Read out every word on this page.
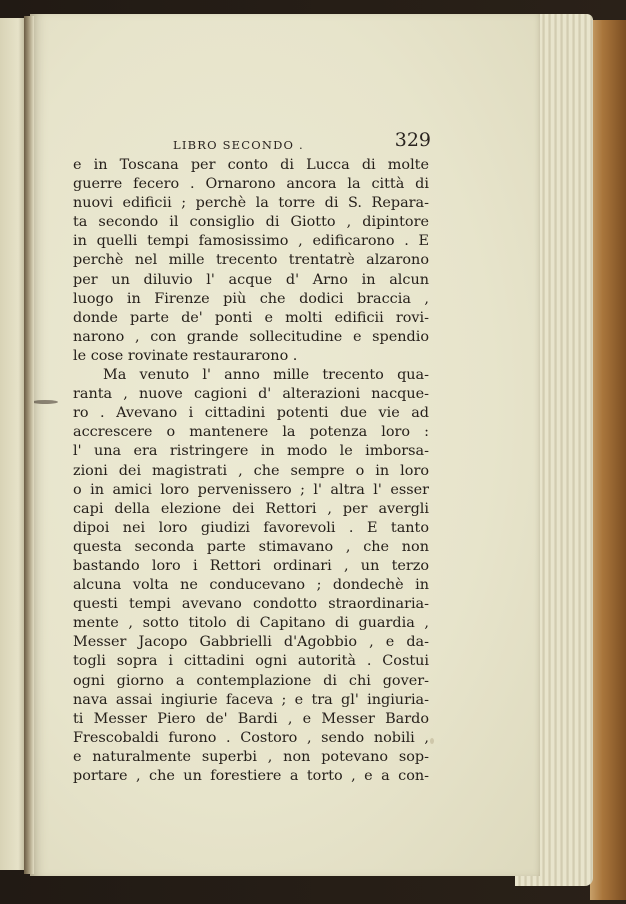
LIBRO SECONDO .	329
e in Toscana per conto di Lucca di molte
guerre fecero . Ornarono ancora la città di
nuovi edificii ; perchè la torre di S. Repara-
ta secondo il consiglio di Giotto , dipintore
in quelli tempi famosissimo , edificarono . E
perchè nel mille trecento trentatrè alzarono
per un diluvio l' acque d' Arno in alcun
luogo in Firenze più che dodici braccia ,
donde parte de' ponti e molti edificii rovi-
narono , con grande sollecitudine e spendio
le cose rovinate restaurarono .
Ma venuto l' anno mille trecento qua-
ranta , nuove cagioni d' alterazioni nacque-
ro . Avevano i cittadini potenti due vie ad
accrescere o mantenere la potenza loro :
l' una era ristringere in modo le imborsa-
zioni dei magistrati , che sempre o in loro
o in amici loro pervenissero ; l' altra l' esser
capi della elezione dei Rettori , per avergli
dipoi nei loro giudizi favorevoli . E tanto
questa seconda parte stimavano , che non
bastando loro i Rettori ordinari , un terzo
alcuna volta ne conducevano ; dondechè in
questi tempi avevano condotto straordinaria-
mente , sotto titolo di Capitano di guardia ,
Messer Jacopo Gabbrielli d'Agobbio , e da-
togli sopra i cittadini ogni autorità . Costui
ogni giorno a contemplazione di chi gover-
nava assai ingiurie faceva ; e tra gl' ingiuria-
ti Messer Piero de' Bardi , e Messer Bardo
Frescobaldi furono . Costoro , sendo nobili ,
e naturalmente superbi , non potevano sop-
portare , che un forestiere a torto , e a con-
